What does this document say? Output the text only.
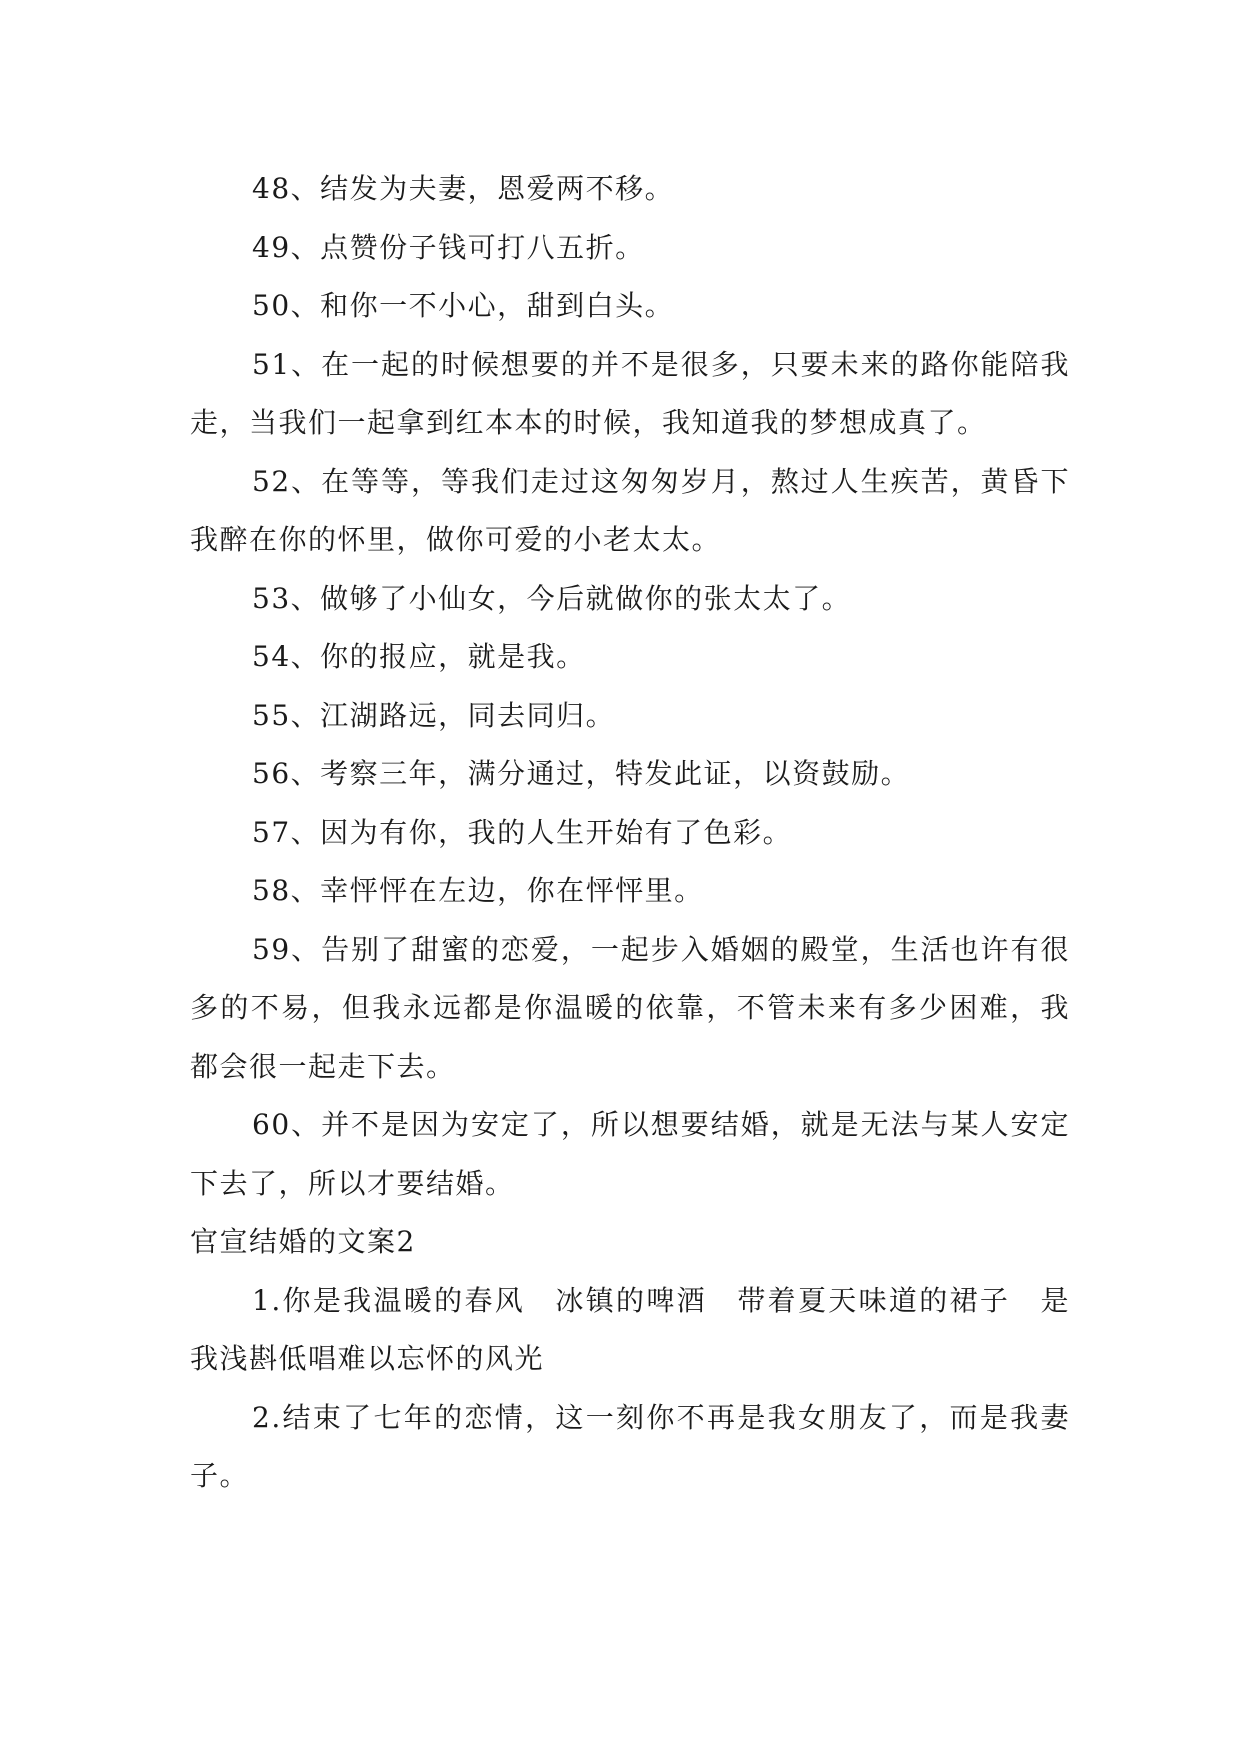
48、结发为夫妻，恩爱两不移。

49、点赞份子钱可打八五折。

50、和你一不小心，甜到白头。

51、在一起的时候想要的并不是很多，只要未来的路你能陪我走，当我们一起拿到红本本的时候，我知道我的梦想成真了。

52、在等等，等我们走过这匆匆岁月，熬过人生疾苦，黄昏下我醉在你的怀里，做你可爱的小老太太。

53、做够了小仙女，今后就做你的张太太了。

54、你的报应，就是我。

55、江湖路远，同去同归。

56、考察三年，满分通过，特发此证，以资鼓励。

57、因为有你，我的人生开始有了色彩。

58、幸怦怦在左边，你在怦怦里。

59、告别了甜蜜的恋爱，一起步入婚姻的殿堂，生活也许有很多的不易，但我永远都是你温暖的依靠，不管未来有多少困难，我都会很一起走下去。

60、并不是因为安定了，所以想要结婚，就是无法与某人安定下去了，所以才要结婚。

官宣结婚的文案2

1.你是我温暖的春风　冰镇的啤酒　带着夏天味道的裙子　是我浅斟低唱难以忘怀的风光

2.结束了七年的恋情，这一刻你不再是我女朋友了，而是我妻子。
